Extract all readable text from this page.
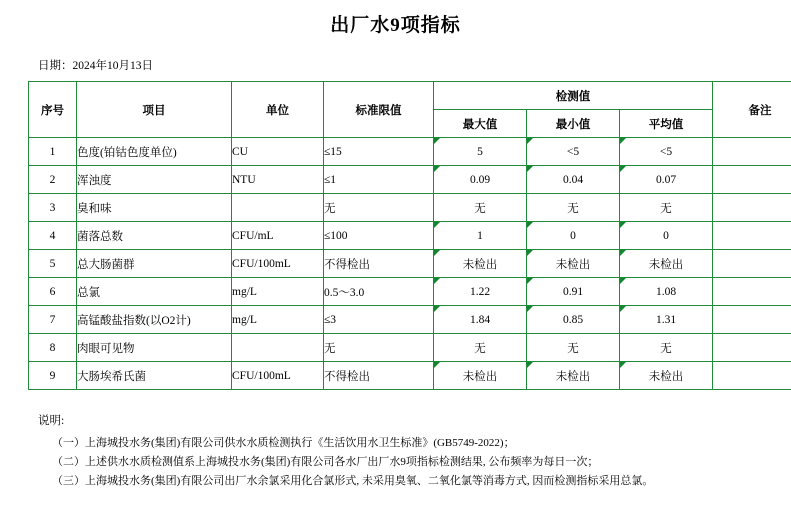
出厂水9项指标
日期：2024年10月13日
序号	项目	单位	标准限值	检测值			备注
				最大值	最小值	平均值	
1	色度(铂钴色度单位)	CU	≤15	5	<5	<5	
2	浑浊度	NTU	≤1	0.09	0.04	0.07	
3	臭和味		无	无	无	无	
4	菌落总数	CFU/mL	≤100	1	0	0	
5	总大肠菌群	CFU/100mL	不得检出	未检出	未检出	未检出	
6	总氯	mg/L	0.5～3.0	1.22	0.91	1.08	
7	高锰酸盐指数(以O2计)	mg/L	≤3	1.84	0.85	1.31	
8	肉眼可见物		无	无	无	无	
9	大肠埃希氏菌	CFU/100mL	不得检出	未检出	未检出	未检出	
说明:

（一）上海城投水务(集团)有限公司供水水质检测执行《生活饮用水卫生标准》(GB5749-2022)；

（二）上述供水水质检测值系上海城投水务(集团)有限公司各水厂出厂水9项指标检测结果, 公布频率为每日一次；

（三）上海城投水务(集团)有限公司出厂水余氯采用化合氯形式, 未采用臭氧、二氧化氯等消毒方式, 因而检测指标采用总氯。
